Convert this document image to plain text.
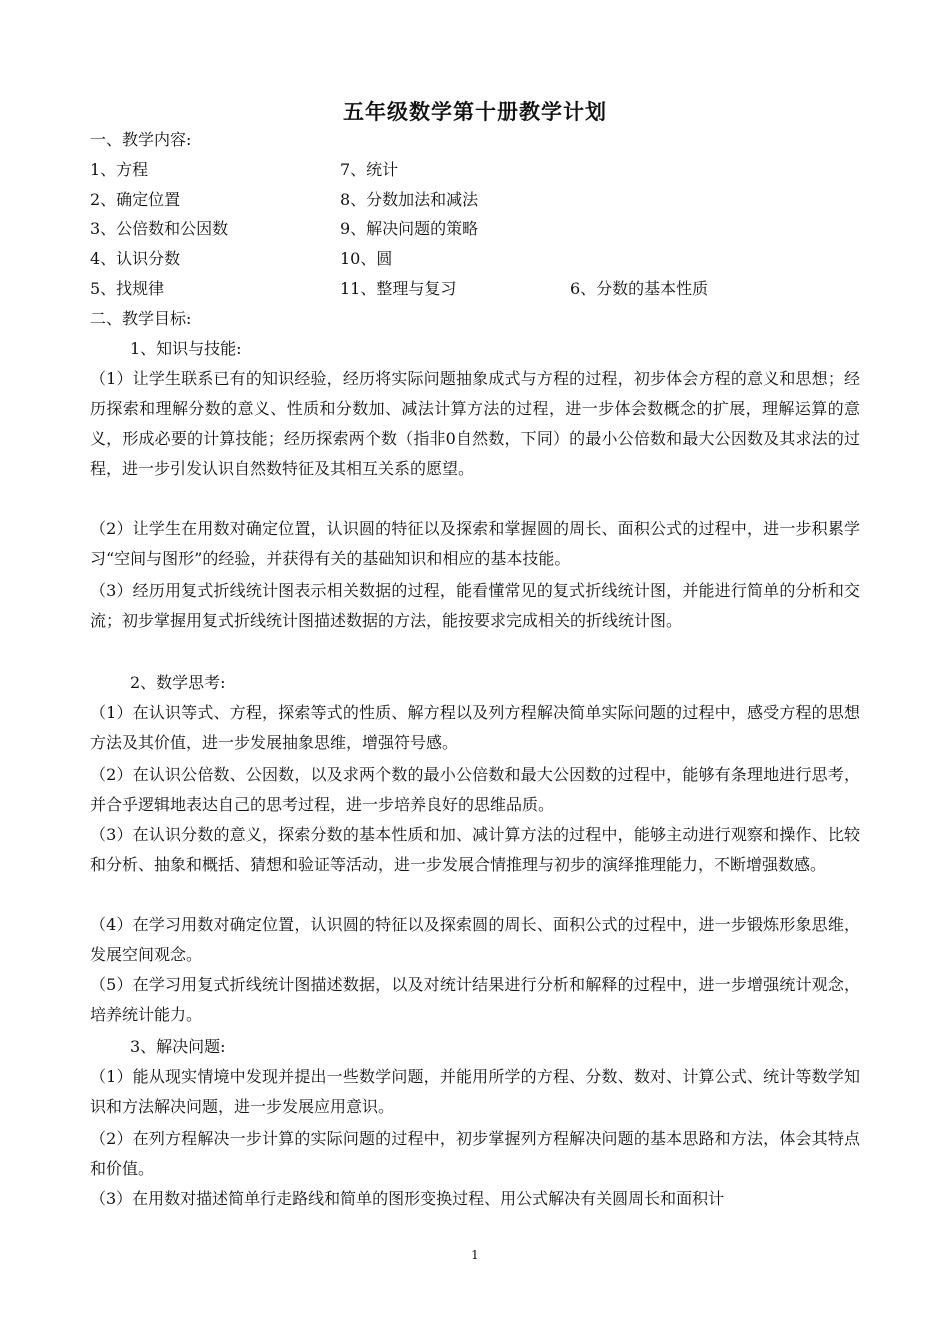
五年级数学第十册教学计划
一、教学内容:
1、方程	7、统计
2、确定位置	8、分数加法和减法
3、公倍数和公因数	9、解决问题的策略
4、认识分数	10、圆
5、找规律	11、整理与复习	6、分数的基本性质
二、教学目标:
1、知识与技能:
（1）让学生联系已有的知识经验，经历将实际问题抽象成式与方程的过程，初步体会方程的意义和思想；经历探索和理解分数的意义、性质和分数加、减法计算方法的过程，进一步体会数概念的扩展，理解运算的意义，形成必要的计算技能；经历探索两个数（指非0自然数，下同）的最小公倍数和最大公因数及其求法的过程，进一步引发认识自然数特征及其相互关系的愿望。
（2）让学生在用数对确定位置，认识圆的特征以及探索和掌握圆的周长、面积公式的过程中，进一步积累学习“空间与图形”的经验，并获得有关的基础知识和相应的基本技能。
（3）经历用复式折线统计图表示相关数据的过程，能看懂常见的复式折线统计图，并能进行简单的分析和交流；初步掌握用复式折线统计图描述数据的方法，能按要求完成相关的折线统计图。
2、数学思考:
（1）在认识等式、方程，探索等式的性质、解方程以及列方程解决简单实际问题的过程中，感受方程的思想方法及其价值，进一步发展抽象思维，增强符号感。
（2）在认识公倍数、公因数，以及求两个数的最小公倍数和最大公因数的过程中，能够有条理地进行思考，并合乎逻辑地表达自己的思考过程，进一步培养良好的思维品质。
（3）在认识分数的意义，探索分数的基本性质和加、减计算方法的过程中，能够主动进行观察和操作、比较和分析、抽象和概括、猜想和验证等活动，进一步发展合情推理与初步的演绎推理能力，不断增强数感。
（4）在学习用数对确定位置，认识圆的特征以及探索圆的周长、面积公式的过程中，进一步锻炼形象思维，发展空间观念。
（5）在学习用复式折线统计图描述数据，以及对统计结果进行分析和解释的过程中，进一步增强统计观念，培养统计能力。
3、解决问题:
（1）能从现实情境中发现并提出一些数学问题，并能用所学的方程、分数、数对、计算公式、统计等数学知识和方法解决问题，进一步发展应用意识。
（2）在列方程解决一步计算的实际问题的过程中，初步掌握列方程解决问题的基本思路和方法，体会其特点和价值。
（3）在用数对描述简单行走路线和简单的图形变换过程、用公式解决有关圆周长和面积计
1
